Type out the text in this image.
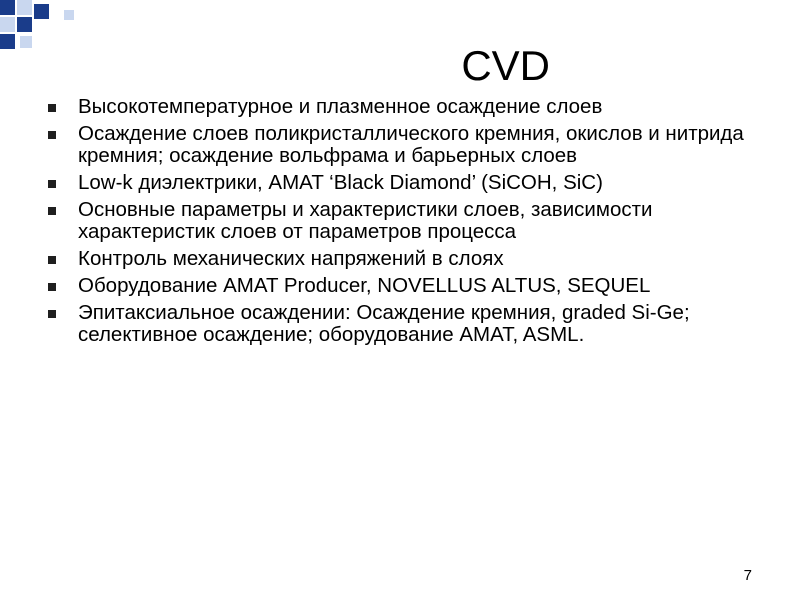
CVD
Высокотемпературное и плазменное осаждение слоев
Осаждение слоев поликристаллического кремния, окислов и нитрида кремния; осаждение вольфрама и барьерных слоев
Low-k диэлектрики, AMAT ‘Black Diamond’ (SiCOH, SiC)
Основные параметры и характеристики слоев, зависимости характеристик слоев от параметров процесса
Контроль механических напряжений в слоях
Оборудование AMAT Producer, NOVELLUS ALTUS, SEQUEL
Эпитаксиальное осаждении: Осаждение кремния, graded Si-Ge; селективное осаждение; оборудование AMAT, ASML.
7
